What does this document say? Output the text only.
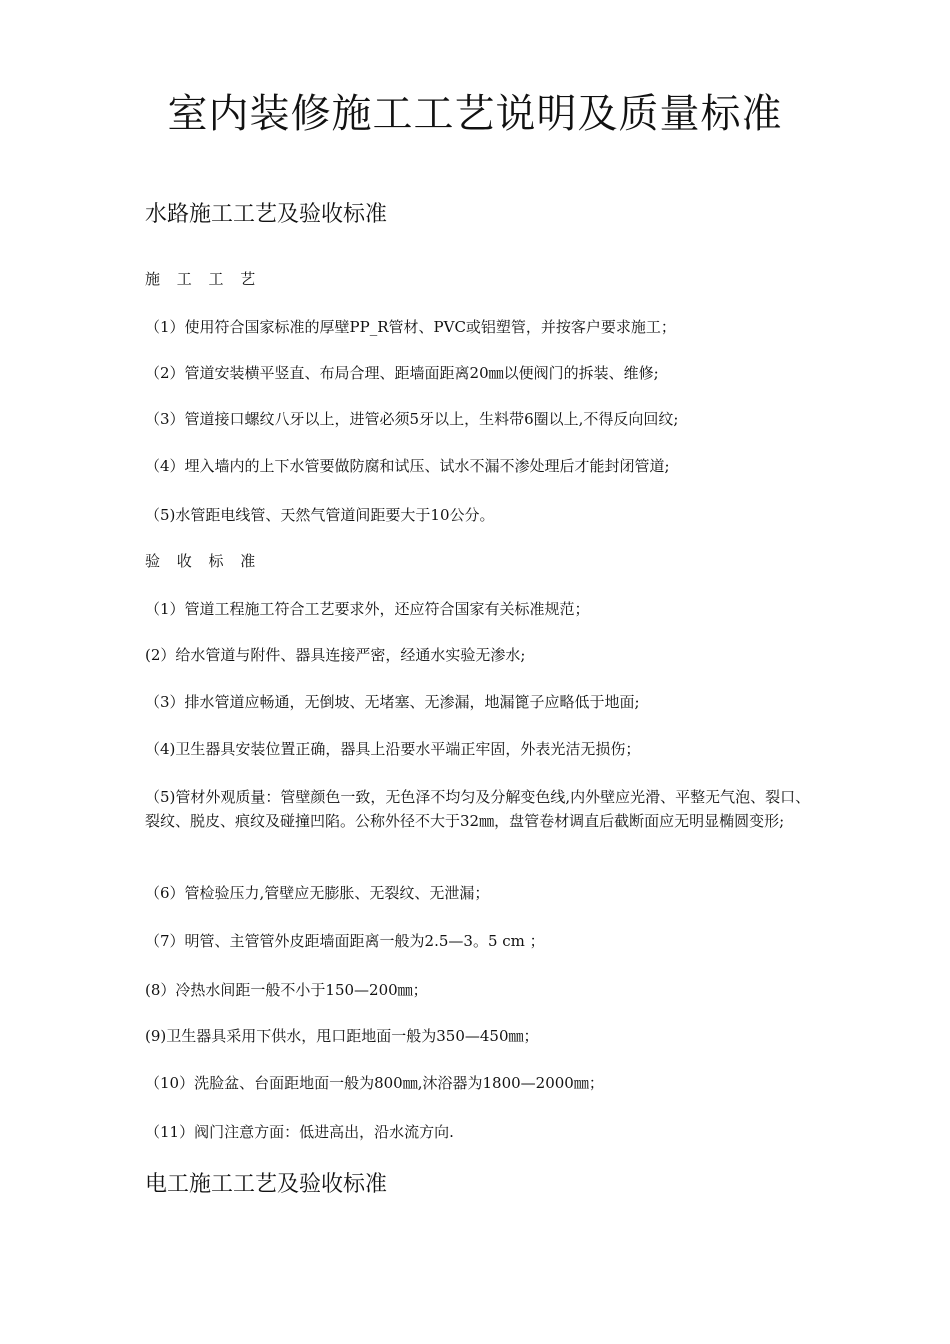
室内装修施工工艺说明及质量标准
水路施工工艺及验收标准

施 工 工 艺

（1）使用符合国家标准的厚壁PP_R管材、PVC或铝塑管，并按客户要求施工；

（2）管道安装横平竖直、布局合理、距墙面距离20㎜以便阀门的拆装、维修;

（3）管道接口螺纹八牙以上，进管必须5牙以上，生料带6圈以上,不得反向回纹;

（4）埋入墙内的上下水管要做防腐和试压、试水不漏不渗处理后才能封闭管道;

（5)水管距电线管、天然气管道间距要大于10公分。

验 收 标 准

（1）管道工程施工符合工艺要求外，还应符合国家有关标准规范；

(2）给水管道与附件、器具连接严密，经通水实验无渗水;

（3）排水管道应畅通，无倒坡、无堵塞、无渗漏，地漏篦子应略低于地面;

（4)卫生器具安装位置正确，器具上沿要水平端正牢固，外表光洁无损伤；

（5)管材外观质量：管壁颜色一致，无色泽不均匀及分解变色线,内外壁应光滑、平整无气泡、裂口、裂纹、脱皮、痕纹及碰撞凹陷。公称外径不大于32㎜，盘管卷材调直后截断面应无明显椭圆变形;

（6）管检验压力,管壁应无膨胀、无裂纹、无泄漏；

（7）明管、主管管外皮距墙面距离一般为2.5—3。5 cm ；

(8）冷热水间距一般不小于150—200㎜；

(9)卫生器具采用下供水，甩口距地面一般为350—450㎜；

（10）洗脸盆、台面距地面一般为800㎜,沐浴器为1800—2000㎜；

（11）阀门注意方面：低进高出，沿水流方向.

电工施工工艺及验收标准
